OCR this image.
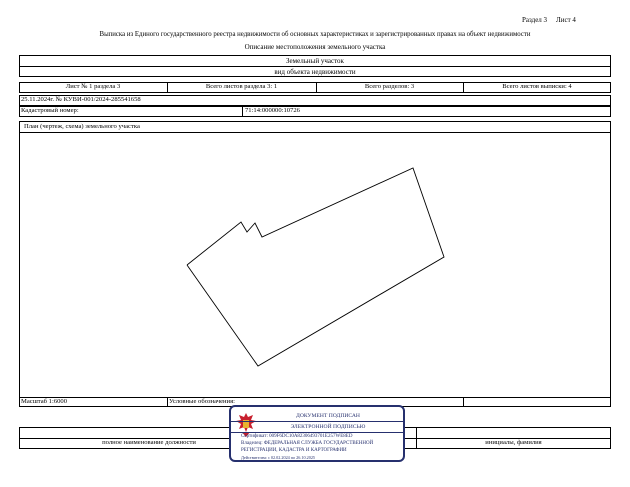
Раздел 3 Лист 4
Выписка из Единого государственного реестра недвижимости об основных характеристиках и зарегистрированных правах на объект недвижимости
Описание местоположения земельного участка
Земельный участок
вид объекта недвижимости
Лист № 1 раздела 3	Всего листов раздела 3: 1	Всего разделов: 3	Всего листов выписки: 4
25.11.2024г. № КУВИ-001/2024-285541658
Кадастровый номер:	71:14:000000:10726
План (чертеж, схема) земельного участка
Масштаб 1:6000	Условные обозначения:
полное наименование должности	инициалы, фамилия
ДОКУМЕНТ ПОДПИСАН
ЭЛЕКТРОННОЙ ПОДПИСЬЮ
Сертификат: 009F6DC10A82306493701E257WE8ED
Владелец: ФЕДЕРАЛЬНАЯ СЛУЖБА ГОСУДАРСТВЕННОЙ
РЕГИСТРАЦИИ, КАДАСТРА И КАРТОГРАФИИ
Действителен: с 02.02.2024 по 26.10.2025
